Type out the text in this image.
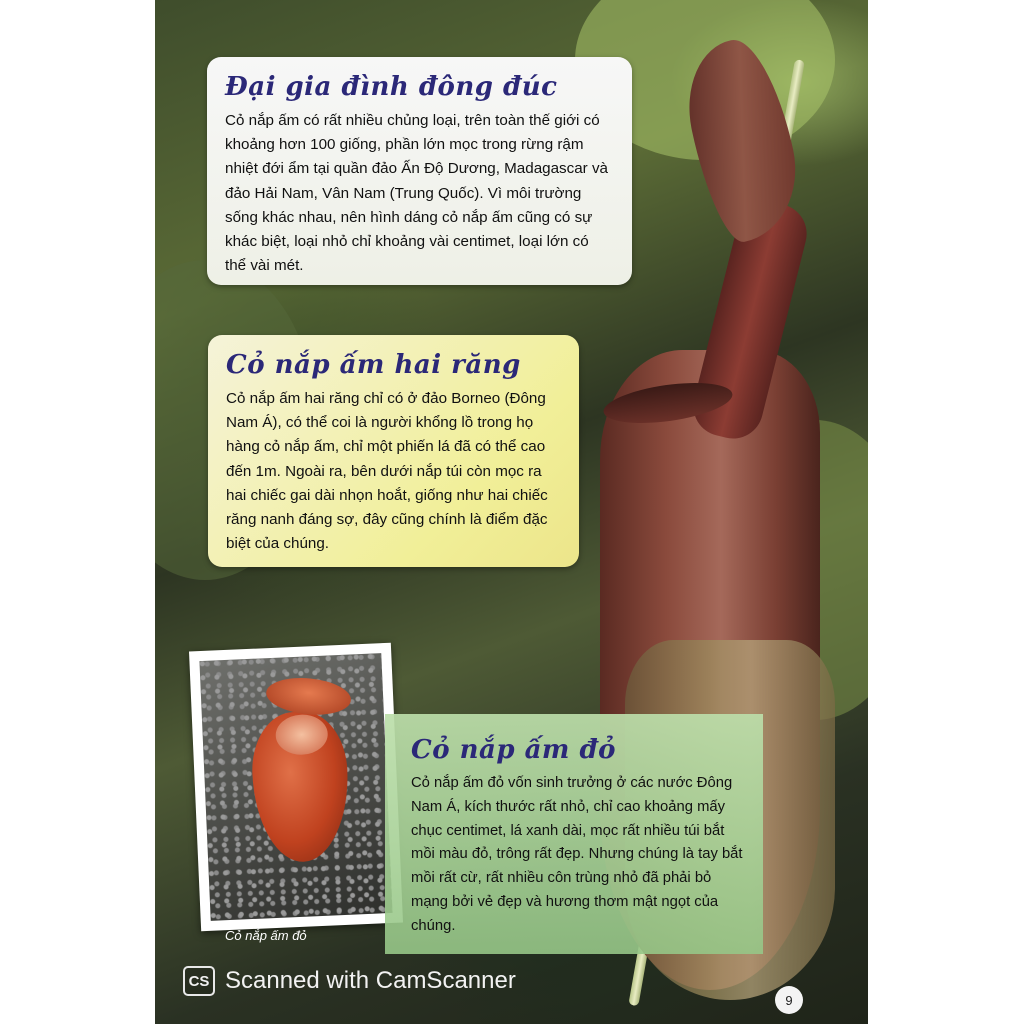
Đại gia đình đông đúc

Cỏ nắp ấm có rất nhiều chủng loại, trên toàn thế giới có khoảng hơn 100 giống, phần lớn mọc trong rừng rậm nhiệt đới ẩm tại quần đảo Ấn Độ Dương, Madagascar và đảo Hải Nam, Vân Nam (Trung Quốc). Vì môi trường sống khác nhau, nên hình dáng cỏ nắp ấm cũng có sự khác biệt, loại nhỏ chỉ khoảng vài centimet, loại lớn có thể vài mét.

Cỏ nắp ấm hai răng

Cỏ nắp ấm hai răng chỉ có ở đảo Borneo (Đông Nam Á), có thể coi là người khổng lồ trong họ hàng cỏ nắp ấm, chỉ một phiến lá đã có thể cao đến 1m. Ngoài ra, bên dưới nắp túi còn mọc ra hai chiếc gai dài nhọn hoắt, giống như hai chiếc răng nanh đáng sợ, đây cũng chính là điểm đặc biệt của chúng.

Cỏ nắp ấm đỏ

Cỏ nắp ấm đỏ

Cỏ nắp ấm đỏ vốn sinh trưởng ở các nước Đông Nam Á, kích thước rất nhỏ, chỉ cao khoảng mấy chục centimet, lá xanh dài, mọc rất nhiều túi bắt mồi màu đỏ, trông rất đẹp. Nhưng chúng là tay bắt mồi rất cừ, rất nhiều côn trùng nhỏ đã phải bỏ mạng bởi vẻ đẹp và hương thơm mật ngọt của chúng.

CS Scanned with CamScanner
9
